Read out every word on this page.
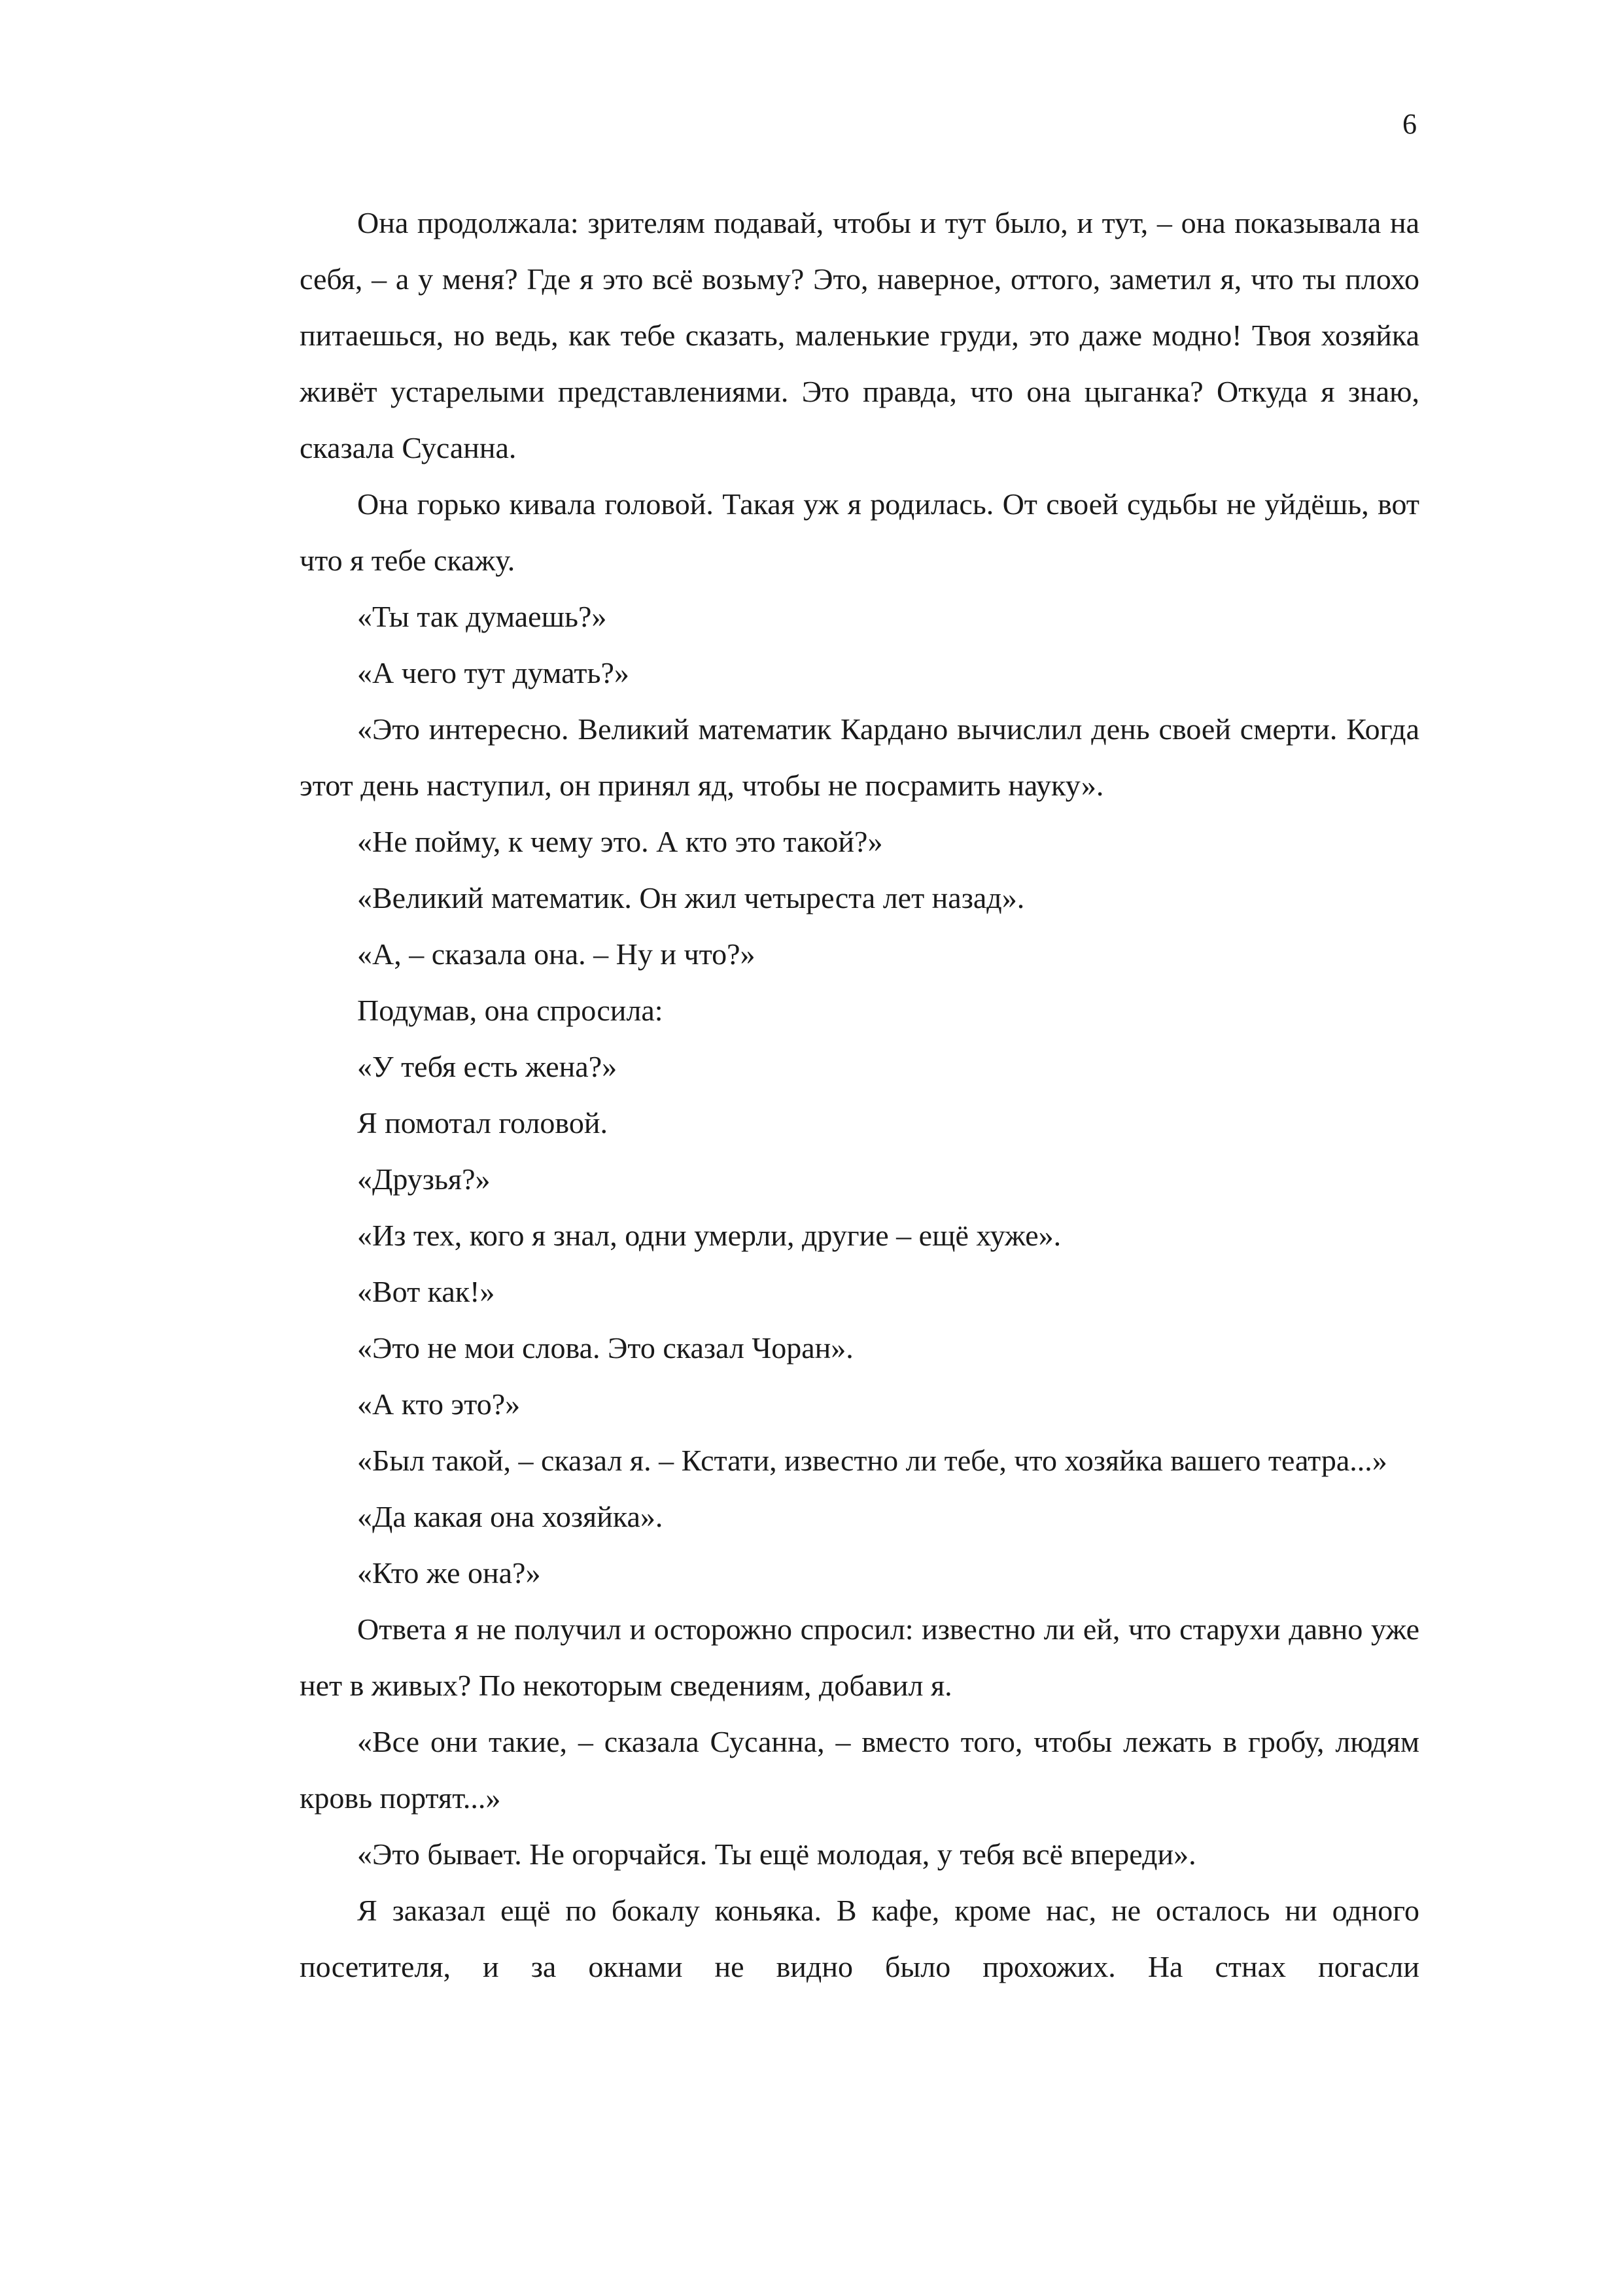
6

Она продолжала: зрителям подавай, чтобы и тут было, и тут, – она показывала на себя, – а у меня? Где я это всё возьму? Это, наверное, оттого, заметил я, что ты плохо питаешься, но ведь, как тебе сказать, маленькие груди, это даже модно! Твоя хозяйка живёт устарелыми представлениями. Это правда, что она цыганка? Откуда я знаю, сказала Сусанна.

Она горько кивала головой. Такая уж я родилась. От своей судьбы не уйдёшь, вот что я тебе скажу.

«Ты так думаешь?»

«А чего тут думать?»

«Это интересно. Великий математик Кардано вычислил день своей смерти. Когда этот день наступил, он принял яд, чтобы не посрамить науку».

«Не пойму, к чему это. А кто это такой?»

«Великий математик. Он жил четыреста лет назад».

«А, – сказала она. – Ну и что?»

Подумав, она спросила:

«У тебя есть жена?»

Я помотал головой.

«Друзья?»

«Из тех, кого я знал, одни умерли, другие – ещё хуже».

«Вот как!»

«Это не мои слова. Это сказал Чоран».

«А кто это?»

«Был такой, – сказал я. – Кстати, известно ли тебе, что хозяйка вашего театра...»

«Да какая она хозяйка».

«Кто же она?»

Ответа я не получил и осторожно спросил: известно ли ей, что старухи давно уже нет в живых? По некоторым сведениям, добавил я.

«Все они такие, – сказала Сусанна, – вместо того, чтобы лежать в гробу, людям кровь портят...»

«Это бывает. Не огорчайся. Ты ещё молодая, у тебя всё впереди».

Я заказал ещё по бокалу коньяка. В кафе, кроме нас, не осталось ни одного посетителя, и за окнами не видно было прохожих. На стнах погасли
